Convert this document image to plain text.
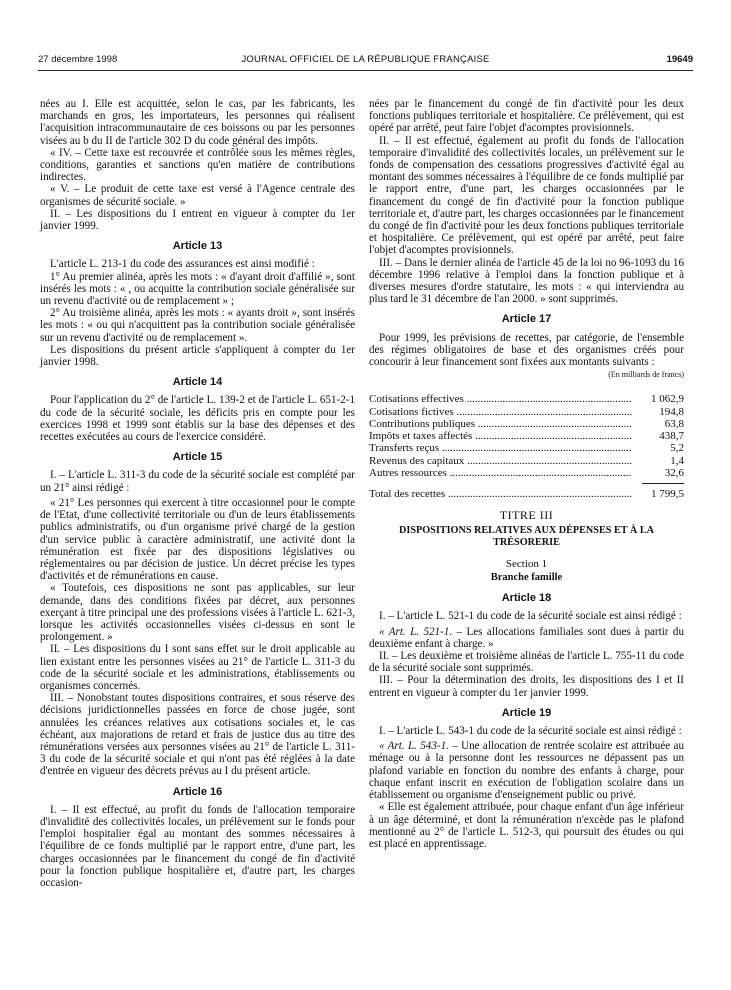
27 décembre 1998	JOURNAL OFFICIEL DE LA RÉPUBLIQUE FRANÇAISE	19649

nées au I. Elle est acquittée, selon le cas, par les fabricants, les marchands en gros, les importateurs, les personnes qui réalisent l'acquisition intracommunautaire de ces boissons ou par les personnes visées au b du II de l'article 302 D du code général des impôts.

« IV. – Cette taxe est recouvrée et contrôlée sous les mêmes règles, conditions, garanties et sanctions qu'en matière de contributions indirectes.

« V. – Le produit de cette taxe est versé à l'Agence centrale des organismes de sécurité sociale. »

II. – Les dispositions du I entrent en vigueur à compter du 1er janvier 1999.

Article 13

L'article L. 213-1 du code des assurances est ainsi modifié :

1° Au premier alinéa, après les mots : « d'ayant droit d'affilié », sont insérés les mots : « , ou acquitte la contribution sociale généralisée sur un revenu d'activité ou de remplacement » ;

2° Au troisième alinéa, après les mots : « ayants droit », sont insérés les mots : « ou qui n'acquittent pas la contribution sociale généralisée sur un revenu d'activité ou de remplacement ».

Les dispositions du présent article s'appliquent à compter du 1er janvier 1998.

Article 14

Pour l'application du 2° de l'article L. 139-2 et de l'article L. 651-2-1 du code de la sécurité sociale, les déficits pris en compte pour les exercices 1998 et 1999 sont établis sur la base des dépenses et des recettes exécutées au cours de l'exercice considéré.

Article 15

I. – L'article L. 311-3 du code de la sécurité sociale est complété par un 21° ainsi rédigé :

« 21° Les personnes qui exercent à titre occasionnel pour le compte de l'Etat, d'une collectivité territoriale ou d'un de leurs établissements publics administratifs, ou d'un organisme privé chargé de la gestion d'un service public à caractère administratif, une activité dont la rémunération est fixée par des dispositions législatives ou réglementaires ou par décision de justice. Un décret précise les types d'activités et de rémunérations en cause.

« Toutefois, ces dispositions ne sont pas applicables, sur leur demande, dans des conditions fixées par décret, aux personnes exerçant à titre principal une des professions visées à l'article L. 621-3, lorsque les activités occasionnelles visées ci-dessus en sont le prolongement. »

II. – Les dispositions du I sont sans effet sur le droit applicable au lien existant entre les personnes visées au 21° de l'article L. 311-3 du code de la sécurité sociale et les administrations, établissements ou organismes concernés.

III. – Nonobstant toutes dispositions contraires, et sous réserve des décisions juridictionnelles passées en force de chose jugée, sont annulées les créances relatives aux cotisations sociales et, le cas échéant, aux majorations de retard et frais de justice dus au titre des rémunérations versées aux personnes visées au 21° de l'article L. 311-3 du code de la sécurité sociale et qui n'ont pas été réglées à la date d'entrée en vigueur des décrets prévus au I du présent article.

Article 16

I. – Il est effectué, au profit du fonds de l'allocation temporaire d'invalidité des collectivités locales, un prélèvement sur le fonds pour l'emploi hospitalier égal au montant des sommes nécessaires à l'équilibre de ce fonds multiplié par le rapport entre, d'une part, les charges occasionnées par le financement du congé de fin d'activité pour la fonction publique hospitalière et, d'autre part, les charges occasion-

nées par le financement du congé de fin d'activité pour les deux fonctions publiques territoriale et hospitalière. Ce prélèvement, qui est opéré par arrêté, peut faire l'objet d'acomptes provisionnels.

II. – Il est effectué, également au profit du fonds de l'allocation temporaire d'invalidité des collectivités locales, un prélèvement sur le fonds de compensation des cessations progressives d'activité égal au montant des sommes nécessaires à l'équilibre de ce fonds multiplié par le rapport entre, d'une part, les charges occasionnées par le financement du congé de fin d'activité pour la fonction publique territoriale et, d'autre part, les charges occasionnées par le financement du congé de fin d'activité pour les deux fonctions publiques territoriale et hospitalière. Ce prélèvement, qui est opéré par arrêté, peut faire l'objet d'acomptes provisionnels.

III. – Dans le dernier alinéa de l'article 45 de la loi no 96-1093 du 16 décembre 1996 relative à l'emploi dans la fonction publique et à diverses mesures d'ordre statutaire, les mots : « qui interviendra au plus tard le 31 décembre de l'an 2000. » sont supprimés.

Article 17

Pour 1999, les prévisions de recettes, par catégorie, de l'ensemble des régimes obligatoires de base et des organismes créés pour concourir à leur financement sont fixées aux montants suivants :

(En milliards de francs)
Cotisations effectives .....	1 062,9
Cotisations fictives .....	194,8
Contributions publiques .....	63,8
Impôts et taxes affectés .....	438,7
Transferts reçus .....	5,2
Revenus des capitaux .....	1,4
Autres ressources .....	32,6
Total des recettes .....	1 799,5
TITRE III
DISPOSITIONS RELATIVES AUX DÉPENSES ET À LA TRÉSORERIE
Section 1
Branche famille
Article 18

I. – L'article L. 521-1 du code de la sécurité sociale est ainsi rédigé :

« Art. L. 521-1. – Les allocations familiales sont dues à partir du deuxième enfant à charge. »

II. – Les deuxième et troisième alinéas de l'article L. 755-11 du code de la sécurité sociale sont supprimés.

III. – Pour la détermination des droits, les dispositions des I et II entrent en vigueur à compter du 1er janvier 1999.

Article 19

I. – L'article L. 543-1 du code de la sécurité sociale est ainsi rédigé :

« Art. L. 543-1. – Une allocation de rentrée scolaire est attribuée au ménage ou à la personne dont les ressources ne dépassent pas un plafond variable en fonction du nombre des enfants à charge, pour chaque enfant inscrit en exécution de l'obligation scolaire dans un établissement ou organisme d'enseignement public ou privé.

« Elle est également attribuée, pour chaque enfant d'un âge inférieur à un âge déterminé, et dont la rémunération n'excède pas le plafond mentionné au 2° de l'article L. 512-3, qui poursuit des études ou qui est placé en apprentissage.
